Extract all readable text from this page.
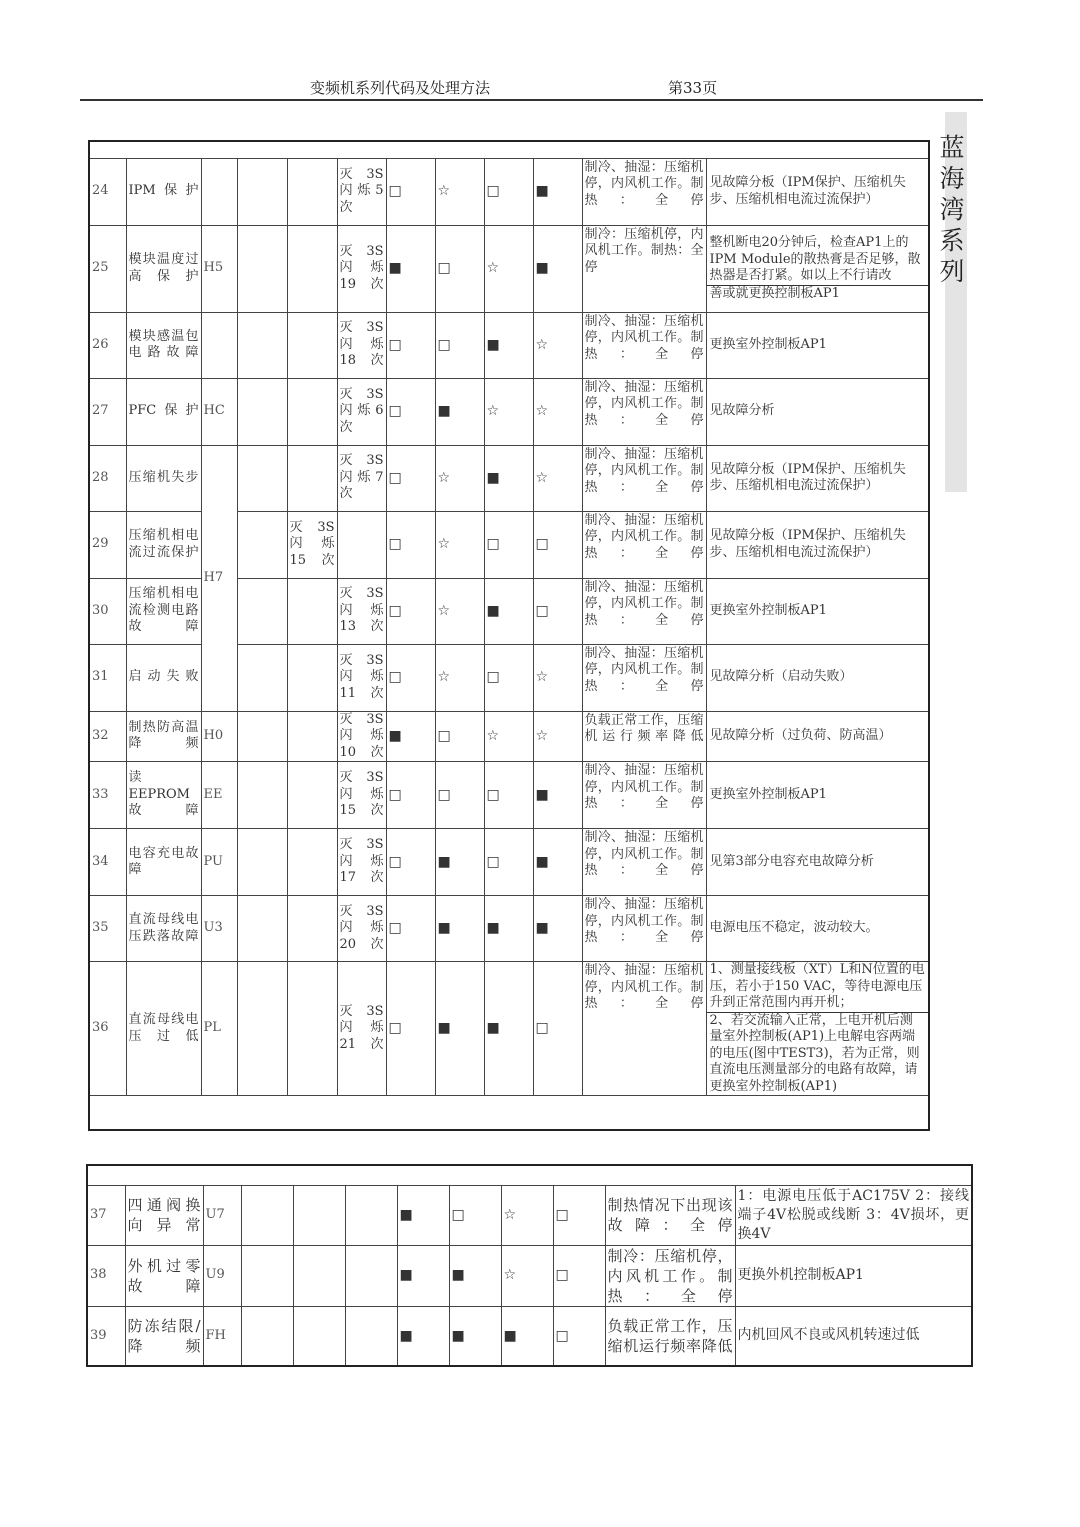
变频机系列代码及处理方法	第33页
蓝
海
湾
系
列

24	IPM保护				灭 3S闪烁5次	□	☆	□	■	制冷、抽湿：压缩机停，内风机工作。制热：全停	见故障分板（IPM保护、压缩机失步、压缩机相电流过流保护）

25	模块温度过高保护	H5			灭 3S闪 烁19次	■	□	☆	■	制冷：压缩机停，内风机工作。制热：全停	整机断电20分钟后，检查AP1上的IPM Module的散热膏是否足够，散热器是否打紧。如以上不行请改
善或就更换控制板AP1

26	模块感温包电路故障				灭 3S闪 烁18次	□	□	■	☆	制冷、抽湿：压缩机停，内风机工作。制热：全停	更换室外控制板AP1

27	PFC保护	HC			灭 3S闪烁6次	□	■	☆	☆	制冷、抽湿：压缩机停，内风机工作。制热：全停	见故障分析

28	压缩机失步	H7			灭 3S闪烁7次	□	☆	■	☆	制冷、抽湿：压缩机停，内风机工作。制热：全停	见故障分板（IPM保护、压缩机失步、压缩机相电流过流保护）

29	压缩机相电流过流保护			灭 3S闪 烁15次		□	☆	□	□	制冷、抽湿：压缩机停，内风机工作。制热：全停	见故障分板（IPM保护、压缩机失步、压缩机相电流过流保护）

30	压缩机相电流检测电路故障				灭 3S闪 烁13次	□	☆	■	□	制冷、抽湿：压缩机停，内风机工作。制热：全停	更换室外控制板AP1

31	启动失败				灭 3S闪 烁11次	□	☆	□	☆	制冷、抽湿：压缩机停，内风机工作。制热：全停	见故障分析（启动失败）

32	制热防高温降频	H0			灭 3S闪 烁10次	■	□	☆	☆	负载正常工作，压缩机运行频率降低	见故障分析（过负荷、防高温）

33	读 EEPROM故障	EE			灭 3S闪 烁15次	□	□	□	■	制冷、抽湿：压缩机停，内风机工作。制热：全停	更换室外控制板AP1

34	电容充电故障	PU			灭 3S闪 烁17次	□	■	□	■	制冷、抽湿：压缩机停，内风机工作。制热：全停	见第3部分电容充电故障分析

35	直流母线电压跌落故障	U3			灭 3S闪 烁20次	□	■	■	■	制冷、抽湿：压缩机停，内风机工作。制热：全停	电源电压不稳定，波动较大。

36	直流母线电压过低	PL			灭 3S闪 烁21次	□	■	■	□	制冷、抽湿：压缩机停，内风机工作。制热：全停	1、测量接线板（XT）L和N位置的电压，若小于150 VAC，等待电源电压升到正常范围内再开机；
2、若交流输入正常，上电开机后测量室外控制板(AP1)上电解电容两端的电压(图中TEST3)，若为正常，则直流电压测量部分的电路有故障，请更换室外控制板(AP1)

37	四通阀换向异常	U7				■	□	☆	□	制热情况下出现该故障：全停	1：电源电压低于AC175V 2：接线端子4V松脱或线断 3：4V损坏，更换4V
38	外机过零故障	U9				■	■	☆	□	制冷：压缩机停，内风机工作。制热：全停	更换外机控制板AP1
39	防冻结限/降频	FH				■	■	■	□	负载正常工作，压缩机运行频率降低	内机回风不良或风机转速过低
